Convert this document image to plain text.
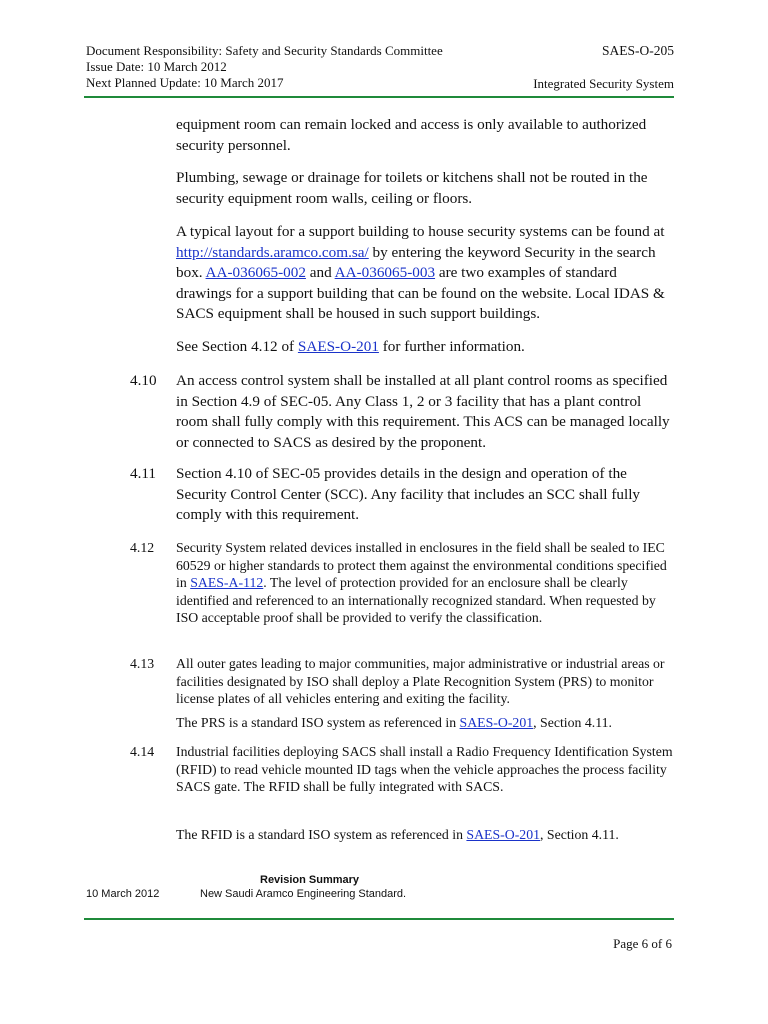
Document Responsibility: Safety and Security Standards Committee
Issue Date: 10 March 2012
Next Planned Update: 10 March 2017
SAES-O-205
Integrated Security System

equipment room can remain locked and access is only available to authorized security personnel.

Plumbing, sewage or drainage for toilets or kitchens shall not be routed in the security equipment room walls, ceiling or floors.

A typical layout for a support building to house security systems can be found at http://standards.aramco.com.sa/ by entering the keyword Security in the search box. AA-036065-002 and AA-036065-003 are two examples of standard drawings for a support building that can be found on the website. Local IDAS & SACS equipment shall be housed in such support buildings.

See Section 4.12 of SAES-O-201 for further information.

4.10 An access control system shall be installed at all plant control rooms as specified in Section 4.9 of SEC-05. Any Class 1, 2 or 3 facility that has a plant control room shall fully comply with this requirement. This ACS can be managed locally or connected to SACS as desired by the proponent.

4.11 Section 4.10 of SEC-05 provides details in the design and operation of the Security Control Center (SCC). Any facility that includes an SCC shall fully comply with this requirement.

4.12 Security System related devices installed in enclosures in the field shall be sealed to IEC 60529 or higher standards to protect them against the environmental conditions specified in SAES-A-112. The level of protection provided for an enclosure shall be clearly identified and referenced to an internationally recognized standard. When requested by ISO acceptable proof shall be provided to verify the classification.

4.13 All outer gates leading to major communities, major administrative or industrial areas or facilities designated by ISO shall deploy a Plate Recognition System (PRS) to monitor license plates of all vehicles entering and exiting the facility.

The PRS is a standard ISO system as referenced in SAES-O-201, Section 4.11.

4.14 Industrial facilities deploying SACS shall install a Radio Frequency Identification System (RFID) to read vehicle mounted ID tags when the vehicle approaches the process facility SACS gate. The RFID shall be fully integrated with SACS.

The RFID is a standard ISO system as referenced in SAES-O-201, Section 4.11.

Revision Summary
10 March 2012	New Saudi Aramco Engineering Standard.
Page 6 of 6
